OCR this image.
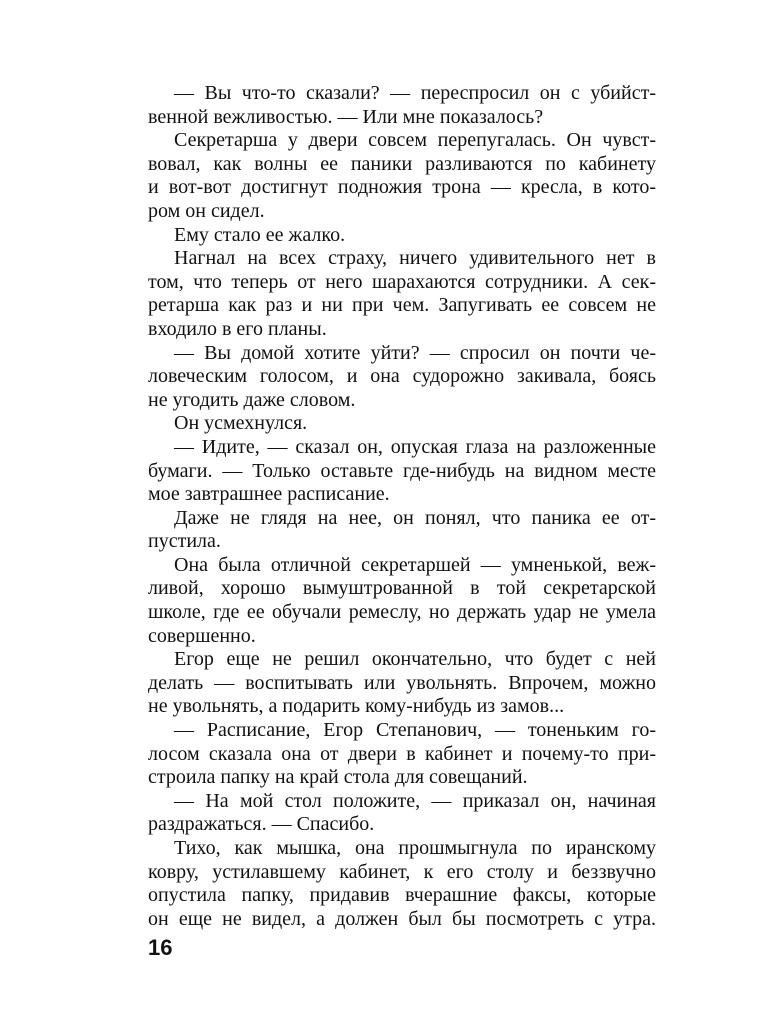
— Вы что-то сказали? — переспросил он с убийст-
венной вежливостью. — Или мне показалось?
Секретарша у двери совсем перепугалась. Он чувст-
вовал, как волны ее паники разливаются по кабинету
и вот-вот достигнут подножия трона — кресла, в кото-
ром он сидел.
Ему стало ее жалко.
Нагнал на всех страху, ничего удивительного нет в
том, что теперь от него шарахаются сотрудники. А сек-
ретарша как раз и ни при чем. Запугивать ее совсем не
входило в его планы.
— Вы домой хотите уйти? — спросил он почти че-
ловеческим голосом, и она судорожно закивала, боясь
не угодить даже словом.
Он усмехнулся.
— Идите, — сказал он, опуская глаза на разложенные
бумаги. — Только оставьте где-нибудь на видном месте
мое завтрашнее расписание.
Даже не глядя на нее, он понял, что паника ее от-
пустила.
Она была отличной секретаршей — умненькой, веж-
ливой, хорошо вымуштрованной в той секретарской
школе, где ее обучали ремеслу, но держать удар не умела
совершенно.
Егор еще не решил окончательно, что будет с ней
делать — воспитывать или увольнять. Впрочем, можно
не увольнять, а подарить кому-нибудь из замов...
— Расписание, Егор Степанович, — тоненьким го-
лосом сказала она от двери в кабинет и почему-то при-
строила папку на край стола для совещаний.
— На мой стол положите, — приказал он, начиная
раздражаться. — Спасибо.
Тихо, как мышка, она прошмыгнула по иранскому
ковру, устилавшему кабинет, к его столу и беззвучно
опустила папку, придавив вчерашние факсы, которые
он еще не видел, а должен был бы посмотреть с утра.
16
